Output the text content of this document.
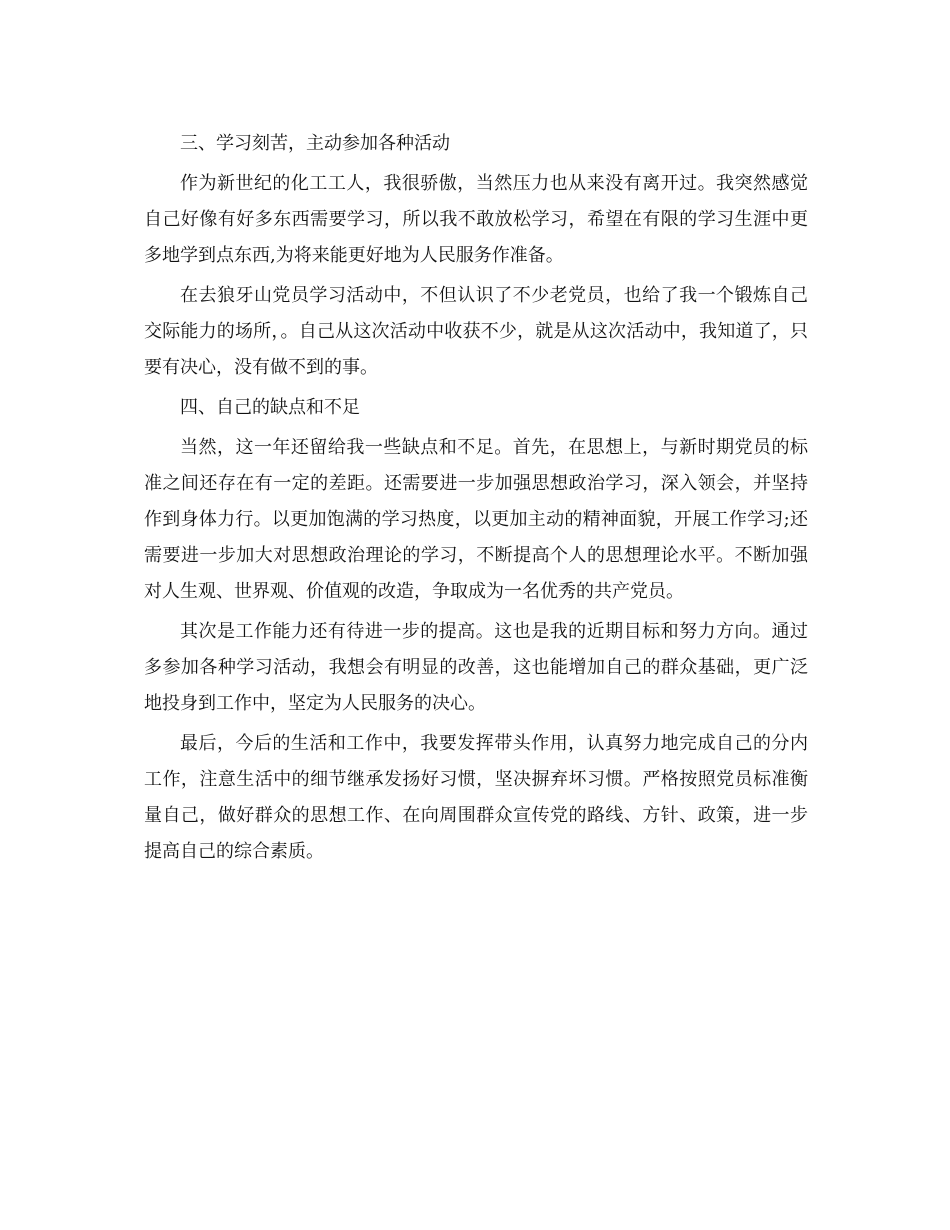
三、学习刻苦，主动参加各种活动

作为新世纪的化工工人，我很骄傲，当然压力也从来没有离开过。我突然感觉自己好像有好多东西需要学习，所以我不敢放松学习，希望在有限的学习生涯中更多地学到点东西,为将来能更好地为人民服务作准备。

在去狼牙山党员学习活动中，不但认识了不少老党员，也给了我一个锻炼自己交际能力的场所，。自己从这次活动中收获不少，就是从这次活动中，我知道了，只要有决心，没有做不到的事。

四、自己的缺点和不足

当然，这一年还留给我一些缺点和不足。首先，在思想上，与新时期党员的标准之间还存在有一定的差距。还需要进一步加强思想政治学习，深入领会，并坚持作到身体力行。以更加饱满的学习热度，以更加主动的精神面貌，开展工作学习;还需要进一步加大对思想政治理论的学习，不断提高个人的思想理论水平。不断加强对人生观、世界观、价值观的改造，争取成为一名优秀的共产党员。

其次是工作能力还有待进一步的提高。这也是我的近期目标和努力方向。通过多参加各种学习活动，我想会有明显的改善，这也能增加自己的群众基础，更广泛地投身到工作中，坚定为人民服务的决心。

最后，今后的生活和工作中，我要发挥带头作用，认真努力地完成自己的分内工作，注意生活中的细节继承发扬好习惯，坚决摒弃坏习惯。严格按照党员标准衡量自己，做好群众的思想工作、在向周围群众宣传党的路线、方针、政策，进一步提高自己的综合素质。
